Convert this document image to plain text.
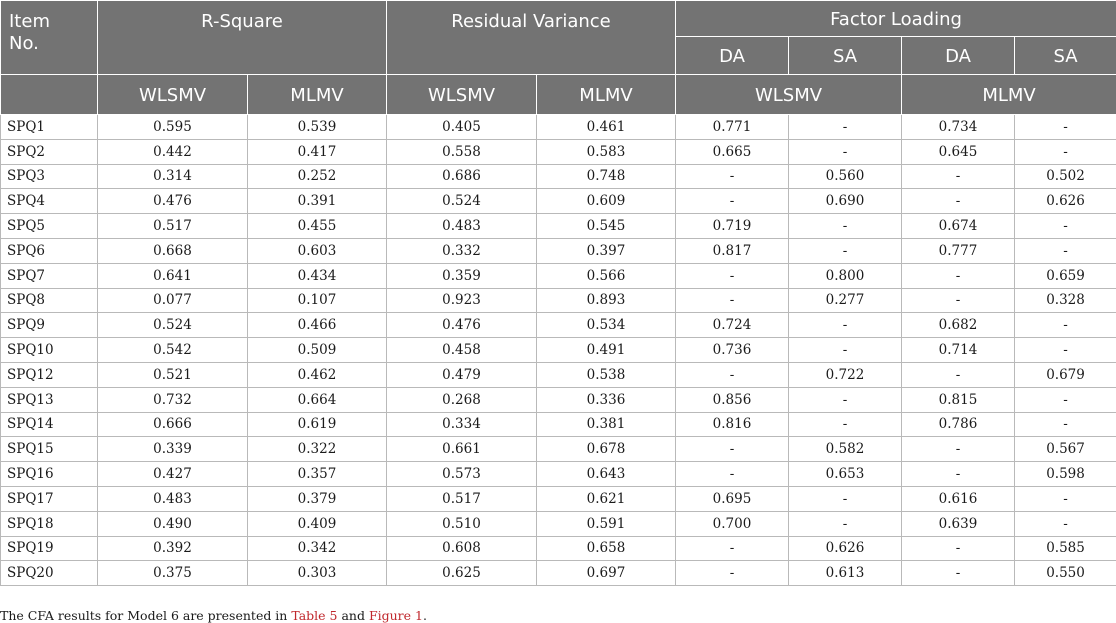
Item
No.	R-Square		Residual Variance		Factor Loading			
					DA	SA	DA	SA
	WLSMV	MLMV	WLSMV	MLMV	WLSMV		MLMV	
SPQ1	0.595	0.539	0.405	0.461	0.771	-	0.734	-
SPQ2	0.442	0.417	0.558	0.583	0.665	-	0.645	-
SPQ3	0.314	0.252	0.686	0.748	-	0.560	-	0.502
SPQ4	0.476	0.391	0.524	0.609	-	0.690	-	0.626
SPQ5	0.517	0.455	0.483	0.545	0.719	-	0.674	-
SPQ6	0.668	0.603	0.332	0.397	0.817	-	0.777	-
SPQ7	0.641	0.434	0.359	0.566	-	0.800	-	0.659
SPQ8	0.077	0.107	0.923	0.893	-	0.277	-	0.328
SPQ9	0.524	0.466	0.476	0.534	0.724	-	0.682	-
SPQ10	0.542	0.509	0.458	0.491	0.736	-	0.714	-
SPQ12	0.521	0.462	0.479	0.538	-	0.722	-	0.679
SPQ13	0.732	0.664	0.268	0.336	0.856	-	0.815	-
SPQ14	0.666	0.619	0.334	0.381	0.816	-	0.786	-
SPQ15	0.339	0.322	0.661	0.678	-	0.582	-	0.567
SPQ16	0.427	0.357	0.573	0.643	-	0.653	-	0.598
SPQ17	0.483	0.379	0.517	0.621	0.695	-	0.616	-
SPQ18	0.490	0.409	0.510	0.591	0.700	-	0.639	-
SPQ19	0.392	0.342	0.608	0.658	-	0.626	-	0.585
SPQ20	0.375	0.303	0.625	0.697	-	0.613	-	0.550

The CFA results for Model 6 are presented in Table 5 and Figure 1.
